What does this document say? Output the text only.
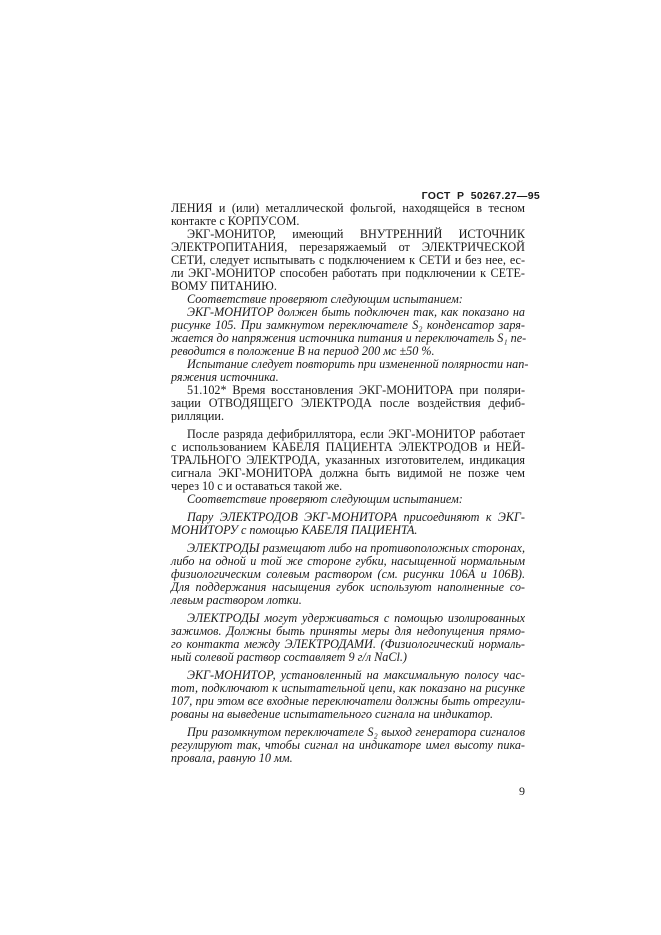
ГОСТ  Р  50267.27—95
ЛЕНИЯ и (или) металлической фольгой, находящейся в тесном
контакте с КОРПУСОМ.
ЭКГ-МОНИТОР, имеющий ВНУТРЕННИЙ ИСТОЧНИК
ЭЛЕКТРОПИТАНИЯ, перезаряжаемый от ЭЛЕКТРИЧЕСКОЙ
СЕТИ, следует испытывать с подключением к СЕТИ и без нее, ес-
ли ЭКГ-МОНИТОР способен работать при подключении к СЕТЕ-
ВОМУ ПИТАНИЮ.
Соответствие проверяют следующим испытанием:
ЭКГ-МОНИТОР должен быть подключен так, как показано на
рисунке 105. При замкнутом переключателе S₂ конденсатор заря-
жается до напряжения источника питания и переключатель S₁ пе-
реводится в положение B на период 200 мс ±50 %.
Испытание следует повторить при измененной полярности нап-
ряжения источника.
51.102* Время восстановления ЭКГ-МОНИТОРА при поляри-
зации ОТВОДЯЩЕГО ЭЛЕКТРОДА после воздействия дефиб-
рилляции.
После разряда дефибриллятора, если ЭКГ-МОНИТОР работает
с использованием КАБЕЛЯ ПАЦИЕНТА ЭЛЕКТРОДОВ и НЕЙ-
ТРАЛЬНОГО ЭЛЕКТРОДА, указанных изготовителем, индикация
сигнала ЭКГ-МОНИТОРА должна быть видимой не позже чем
через 10 с и оставаться такой же.
Соответствие проверяют следующим испытанием:
Пару ЭЛЕКТРОДОВ ЭКГ-МОНИТОРА присоединяют к ЭКГ-
МОНИТОРУ с помощью КАБЕЛЯ ПАЦИЕНТА.
ЭЛЕКТРОДЫ размещают либо на противоположных сторонах,
либо на одной и той же стороне губки, насыщенной нормальным
физиологическим солевым раствором (см. рисунки 106А и 106В).
Для поддержания насыщения губок используют наполненные со-
левым раствором лотки.
ЭЛЕКТРОДЫ могут удерживаться с помощью изолированных
зажимов. Должны быть приняты меры для недопущения прямо-
го контакта между ЭЛЕКТРОДАМИ. (Физиологический нормаль-
ный солевой раствор составляет 9 г/л NaCl.)
ЭКГ-МОНИТОР, установленный на максимальную полосу час-
тот, подключают к испытательной цепи, как показано на рисунке
107, при этом все входные переключатели должны быть отрегули-
рованы на выведение испытательного сигнала на индикатор.
При разомкнутом переключателе S₂ выход генератора сигналов
регулируют так, чтобы сигнал на индикаторе имел высоту пика-
провала, равную 10 мм.
9
